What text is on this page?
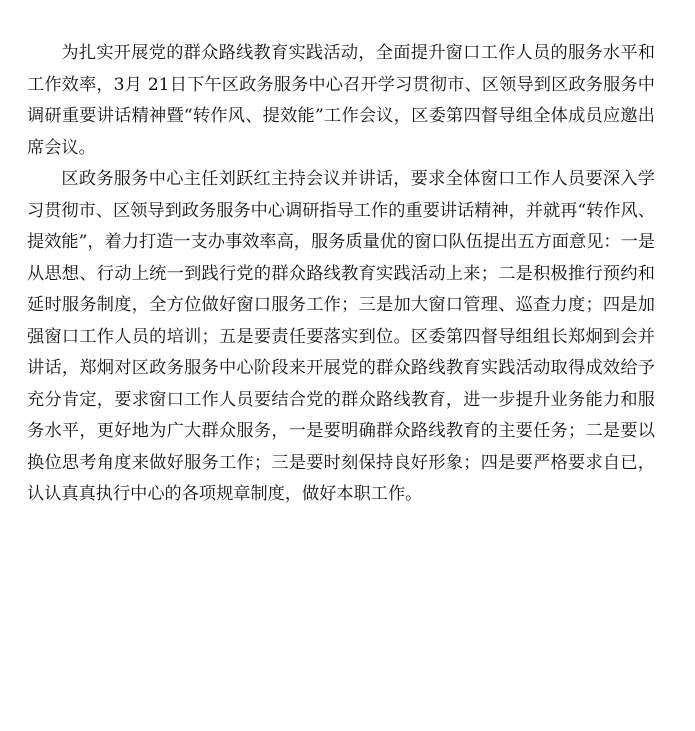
为扎实开展党的群众路线教育实践活动，全面提升窗口工作人员的服务水平和工作效率，3月 21日下午区政务服务中心召开学习贯彻市、区领导到区政务服务中调研重要讲话精神暨“转作风、提效能”工作会议，区委第四督导组全体成员应邀出席会议。

区政务服务中心主任刘跃红主持会议并讲话，要求全体窗口工作人员要深入学习贯彻市、区领导到政务服务中心调研指导工作的重要讲话精神，并就再“转作风、提效能”，着力打造一支办事效率高，服务质量优的窗口队伍提出五方面意见：一是从思想、行动上统一到践行党的群众路线教育实践活动上来；二是积极推行预约和延时服务制度，全方位做好窗口服务工作；三是加大窗口管理、巡查力度；四是加强窗口工作人员的培训；五是要责任要落实到位。区委第四督导组组长郑炯到会并讲话，郑炯对区政务服务中心阶段来开展党的群众路线教育实践活动取得成效给予充分肯定，要求窗口工作人员要结合党的群众路线教育，进一步提升业务能力和服务水平，更好地为广大群众服务，一是要明确群众路线教育的主要任务；二是要以换位思考角度来做好服务工作；三是要时刻保持良好形象；四是要严格要求自已，认认真真执行中心的各项规章制度，做好本职工作。
